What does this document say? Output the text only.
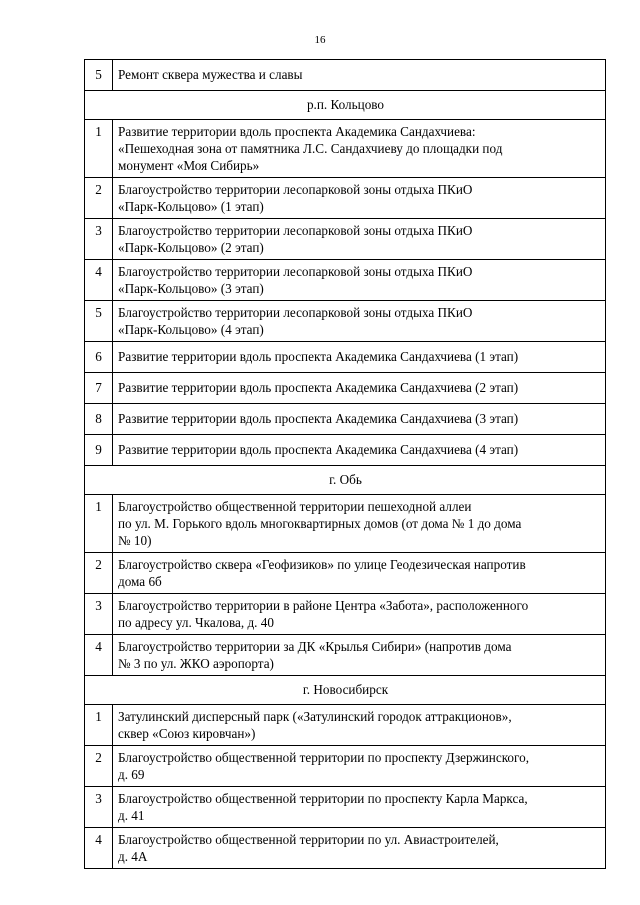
16
5	Ремонт сквера мужества и славы

р.п. Кольцово	
1	Развитие территории вдоль проспекта Академика Сандахчиева:
«Пешеходная зона от памятника Л.С. Сандахчиеву до площадки под
монумент «Моя Сибирь»

2	Благоустройство территории лесопарковой зоны отдыха ПКиО
«Парк-Кольцово» (1 этап)

3	Благоустройство территории лесопарковой зоны отдыха ПКиО
«Парк-Кольцово» (2 этап)

4	Благоустройство территории лесопарковой зоны отдыха ПКиО
«Парк-Кольцово» (3 этап)

5	Благоустройство территории лесопарковой зоны отдыха ПКиО
«Парк-Кольцово» (4 этап)

6	Развитие территории вдоль проспекта Академика Сандахчиева (1 этап)

7	Развитие территории вдоль проспекта Академика Сандахчиева (2 этап)

8	Развитие территории вдоль проспекта Академика Сандахчиева (3 этап)

9	Развитие территории вдоль проспекта Академика Сандахчиева (4 этап)

г. Обь	
1	Благоустройство общественной территории пешеходной аллеи
по ул. М. Горького вдоль многоквартирных домов (от дома № 1 до дома
№ 10)

2	Благоустройство сквера «Геофизиков» по улице Геодезическая напротив
дома 6б

3	Благоустройство территории в районе Центра «Забота», расположенного
по адресу ул. Чкалова, д. 40

4	Благоустройство территории за ДК «Крылья Сибири» (напротив дома
№ 3 по ул. ЖКО аэропорта)

г. Новосибирск	
1	Затулинский дисперсный парк («Затулинский городок аттракционов»,
сквер «Союз кировчан»)

2	Благоустройство общественной территории по проспекту Дзержинского,
д. 69

3	Благоустройство общественной территории по проспекту Карла Маркса,
д. 41

4	Благоустройство общественной территории по ул. Авиастроителей,
д. 4А
